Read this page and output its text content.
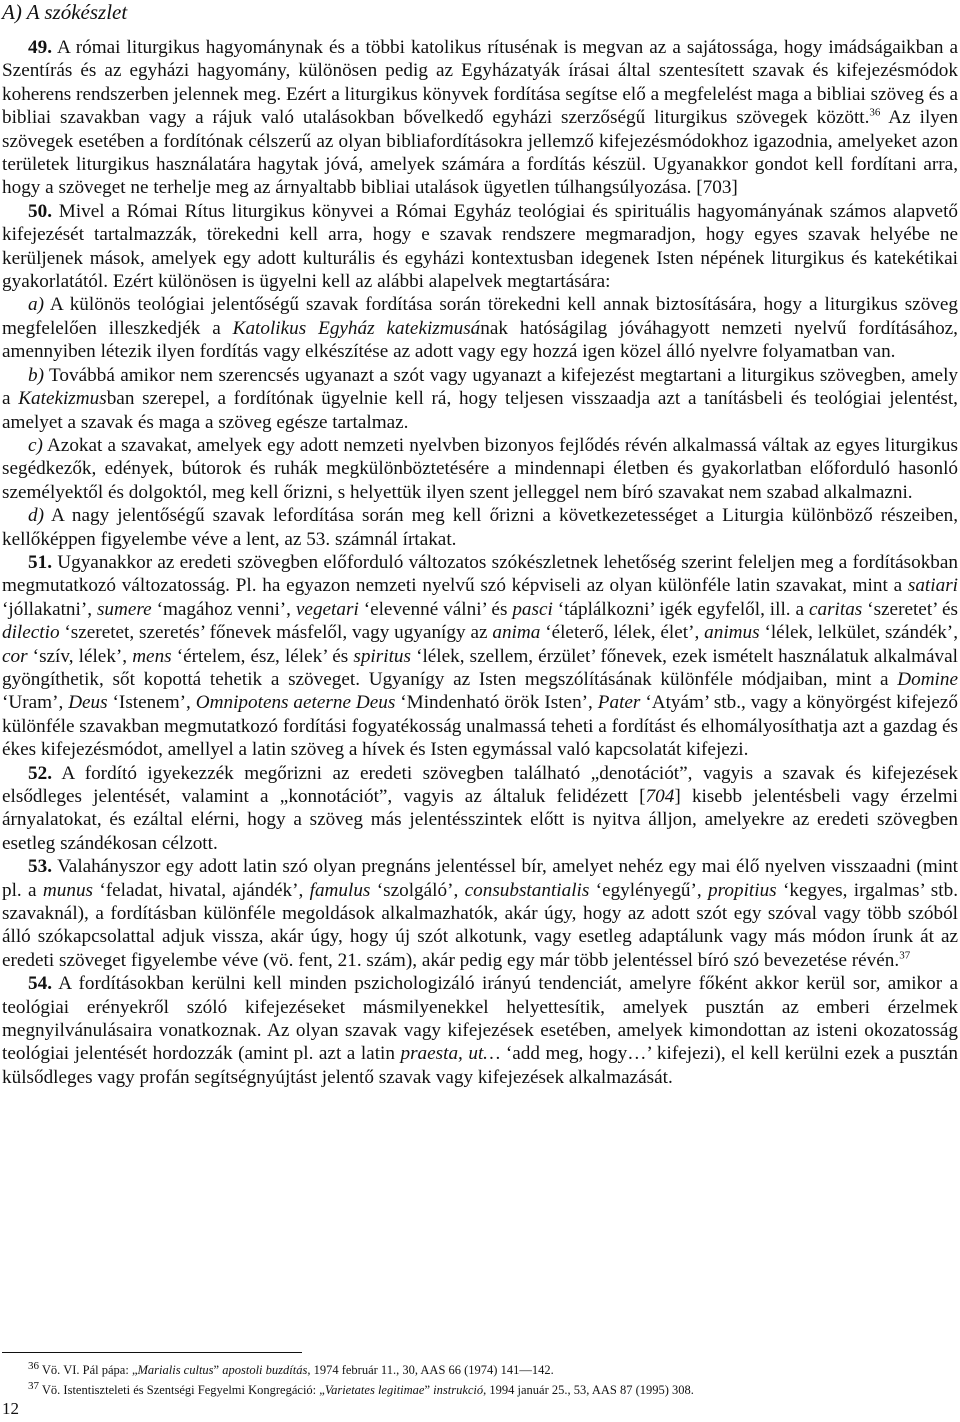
A) A szókészlet

49. A római liturgikus hagyománynak és a többi katolikus rítusénak is megvan az a sajátossága, hogy imádságaikban a Szentírás és az egyházi hagyomány, különösen pedig az Egyházatyák írásai által szentesített szavak és kifejezésmódok koherens rendszerben jelennek meg. Ezért a liturgikus könyvek fordítása segítse elő a megfelelést maga a bibliai szöveg és a bibliai szavakban vagy a rájuk való utalásokban bővelkedő egyházi szerzőségű liturgikus szövegek között.$^{36}$ Az ilyen szövegek esetében a fordítónak célszerű az olyan bibliafordításokra jellemző kifejezésmódokhoz igazodnia, amelyeket azon területek liturgikus használatára hagytak jóvá, amelyek számára a fordítás készül. Ugyanakkor gondot kell fordítani arra, hogy a szöveget ne terhelje meg az árnyaltabb bibliai utalások ügyetlen túlhangsúlyozása. [703]

50. Mivel a Római Rítus liturgikus könyvei a Római Egyház teológiai és spirituális hagyományának számos alapvető kifejezését tartalmazzák, törekedni kell arra, hogy e szavak rendszere megmaradjon, hogy egyes szavak helyébe ne kerüljenek mások, amelyek egy adott kulturális és egyházi kontextusban idegenek Isten népének liturgikus és katekétikai gyakorlatától. Ezért különösen is ügyelni kell az alábbi alapelvek megtartására:

a) A különös teológiai jelentőségű szavak fordítása során törekedni kell annak biztosítására, hogy a liturgikus szöveg megfelelően illeszkedjék a Katolikus Egyház katekizmusának hatóságilag jóváhagyott nemzeti nyelvű fordításához, amennyiben létezik ilyen fordítás vagy elkészítése az adott vagy egy hozzá igen közel álló nyelvre folyamatban van.

b) Továbbá amikor nem szerencsés ugyanazt a szót vagy ugyanazt a kifejezést megtartani a liturgikus szövegben, amely a Katekizmusban szerepel, a fordítónak ügyelnie kell rá, hogy teljesen visszaadja azt a tanításbeli és teológiai jelentést, amelyet a szavak és maga a szöveg egésze tartalmaz.

c) Azokat a szavakat, amelyek egy adott nemzeti nyelvben bizonyos fejlődés révén alkalmassá váltak az egyes liturgikus segédkezők, edények, bútorok és ruhák megkülönböztetésére a mindennapi életben és gyakorlatban előforduló hasonló személyektől és dolgoktól, meg kell őrizni, s helyettük ilyen szent jelleggel nem bíró szavakat nem szabad alkalmazni.

d) A nagy jelentőségű szavak lefordítása során meg kell őrizni a következetességet a Liturgia különböző részeiben, kellőképpen figyelembe véve a lent, az 53. számnál írtakat.

51. Ugyanakkor az eredeti szövegben előforduló változatos szókészletnek lehetőség szerint feleljen meg a fordításokban megmutatkozó változatosság. Pl. ha egyazon nemzeti nyelvű szó képviseli az olyan különféle latin szavakat, mint a satiari ‘jóllakatni’, sumere ‘magához venni’, vegetari ‘elevenné válni’ és pasci ‘táplálkozni’ igék egyfelől, ill. a caritas ‘szeretet’ és dilectio ‘szeretet, szeretés’ főnevek másfelől, vagy ugyanígy az anima ‘életerő, lélek, élet’, animus ‘lélek, lelkület, szándék’, cor ‘szív, lélek’, mens ‘értelem, ész, lélek’ és spiritus ‘lélek, szellem, érzület’ főnevek, ezek ismételt használatuk alkalmával gyöngíthetik, sőt kopottá tehetik a szöveget. Ugyanígy az Isten megszólításának különféle módjaiban, mint a Domine ‘Uram’, Deus ‘Istenem’, Omnipotens aeterne Deus ‘Mindenható örök Isten’, Pater ‘Atyám’ stb., vagy a könyörgést kifejező különféle szavakban megmutatkozó fordítási fogyatékosság unalmassá teheti a fordítást és elhomályosíthatja azt a gazdag és ékes kifejezésmódot, amellyel a latin szöveg a hívek és Isten egymással való kapcsolatát kifejezi.

52. A fordító igyekezzék megőrizni az eredeti szövegben található „denotációt”, vagyis a szavak és kifejezések elsődleges jelentését, valamint a „konnotációt”, vagyis az általuk felidézett [704] kisebb jelentésbeli vagy érzelmi árnyalatokat, és ezáltal elérni, hogy a szöveg más jelentésszintek előtt is nyitva álljon, amelyekre az eredeti szövegben esetleg szándékosan célzott.

53. Valahányszor egy adott latin szó olyan pregnáns jelentéssel bír, amelyet nehéz egy mai élő nyelven visszaadni (mint pl. a munus ‘feladat, hivatal, ajándék’, famulus ‘szolgáló’, consubstantialis ‘egylényegű’, propitius ‘kegyes, irgalmas’ stb. szavaknál), a fordításban különféle megoldások alkalmazhatók, akár úgy, hogy az adott szót egy szóval vagy több szóból álló szókapcsolattal adjuk vissza, akár úgy, hogy új szót alkotunk, vagy esetleg adaptálunk vagy más módon írunk át az eredeti szöveget figyelembe véve (vö. fent, 21. szám), akár pedig egy már több jelentéssel bíró szó bevezetése révén.$^{37}$

54. A fordításokban kerülni kell minden pszichologizáló irányú tendenciát, amelyre főként akkor kerül sor, amikor a teológiai erényekről szóló kifejezéseket másmilyenekkel helyettesítik, amelyek pusztán az emberi érzelmek megnyilvánulásaira vonatkoznak. Az olyan szavak vagy kifejezések esetében, amelyek kimondottan az isteni okozatosság teológiai jelentését hordozzák (amint pl. azt a latin praesta, ut… ‘add meg, hogy…’ kifejezi), el kell kerülni ezek a pusztán külsődleges vagy profán segítségnyújtást jelentő szavak vagy kifejezések alkalmazását.

$^{36}$ Vö. VI. Pál pápa: „Marialis cultus” apostoli buzdítás, 1974 február 11., 30, AAS 66 (1974) 141—142.
$^{37}$ Vö. Istentiszteleti és Szentségi Fegyelmi Kongregáció: „Varietates legitimae” instrukció, 1994 január 25., 53, AAS 87 (1995) 308.
12
